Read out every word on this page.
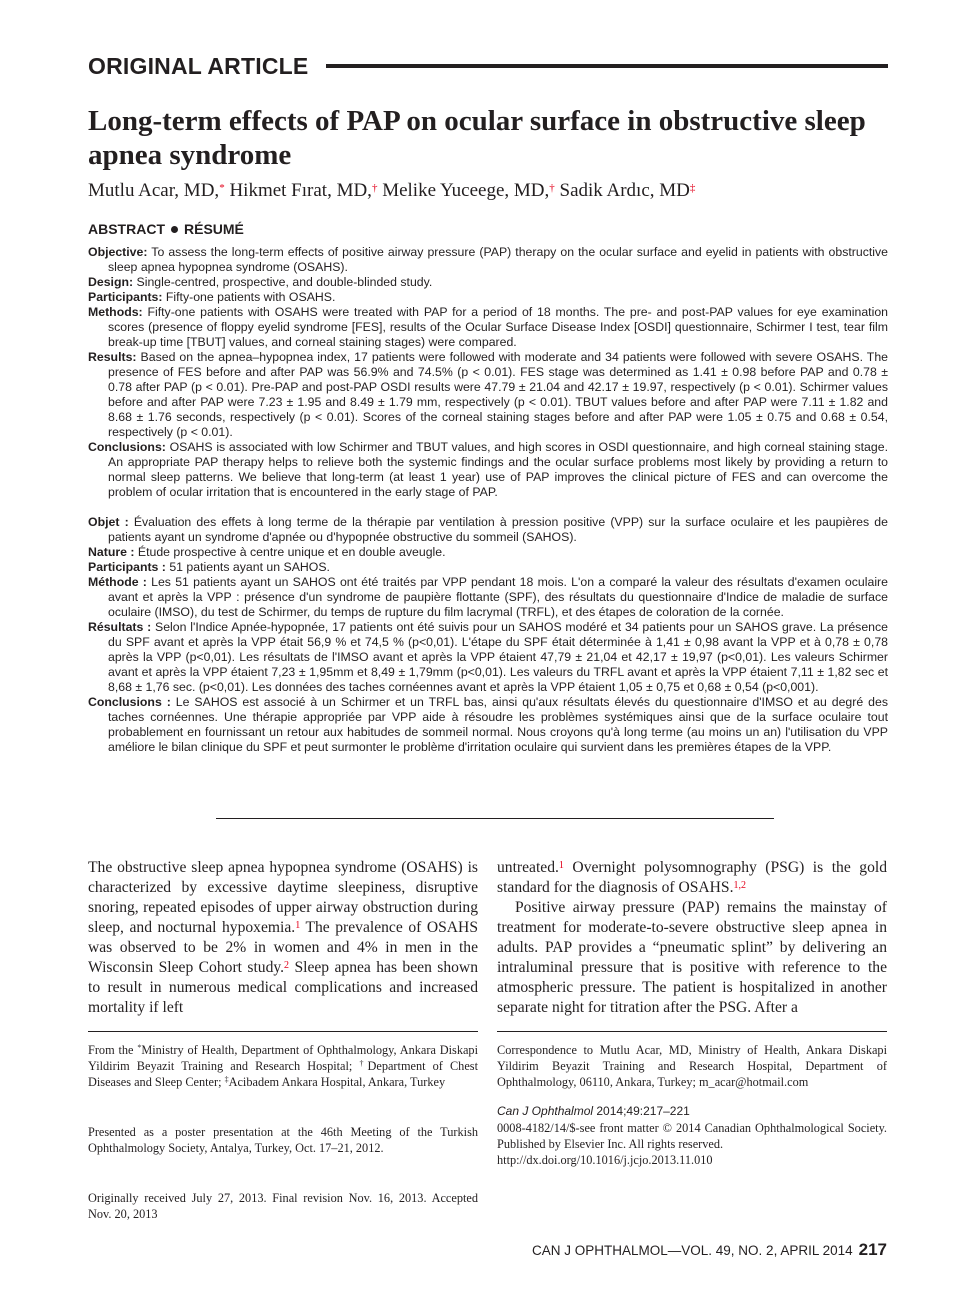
ORIGINAL ARTICLE
Long-term effects of PAP on ocular surface in obstructive sleep apnea syndrome
Mutlu Acar, MD,* Hikmet Fırat, MD,† Melike Yuceege, MD,† Sadik Ardıc, MD‡
ABSTRACT RÉSUMÉ

Objective: To assess the long-term effects of positive airway pressure (PAP) therapy on the ocular surface and eyelid in patients with obstructive sleep apnea hypopnea syndrome (OSAHS).

Design: Single-centred, prospective, and double-blinded study.

Participants: Fifty-one patients with OSAHS.

Methods: Fifty-one patients with OSAHS were treated with PAP for a period of 18 months. The pre- and post-PAP values for eye examination scores (presence of floppy eyelid syndrome [FES], results of the Ocular Surface Disease Index [OSDI] questionnaire, Schirmer I test, tear film break-up time [TBUT] values, and corneal staining stages) were compared.

Results: Based on the apnea–hypopnea index, 17 patients were followed with moderate and 34 patients were followed with severe OSAHS. The presence of FES before and after PAP was 56.9% and 74.5% (p < 0.01). FES stage was determined as 1.41 ± 0.98 before PAP and 0.78 ± 0.78 after PAP (p < 0.01). Pre-PAP and post-PAP OSDI results were 47.79 ± 21.04 and 42.17 ± 19.97, respectively (p < 0.01). Schirmer values before and after PAP were 7.23 ± 1.95 and 8.49 ± 1.79 mm, respectively (p < 0.01). TBUT values before and after PAP were 7.11 ± 1.82 and 8.68 ± 1.76 seconds, respectively (p < 0.01). Scores of the corneal staining stages before and after PAP were 1.05 ± 0.75 and 0.68 ± 0.54, respectively (p < 0.01).

Conclusions: OSAHS is associated with low Schirmer and TBUT values, and high scores in OSDI questionnaire, and high corneal staining stage. An appropriate PAP therapy helps to relieve both the systemic findings and the ocular surface problems most likely by providing a return to normal sleep patterns. We believe that long-term (at least 1 year) use of PAP improves the clinical picture of FES and can overcome the problem of ocular irritation that is encountered in the early stage of PAP.

Objet : Évaluation des effets à long terme de la thérapie par ventilation à pression positive (VPP) sur la surface oculaire et les paupières de patients ayant un syndrome d'apnée ou d'hypopnée obstructive du sommeil (SAHOS).

Nature : Étude prospective à centre unique et en double aveugle.

Participants : 51 patients ayant un SAHOS.

Méthode : Les 51 patients ayant un SAHOS ont été traités par VPP pendant 18 mois. L'on a comparé la valeur des résultats d'examen oculaire avant et après la VPP : présence d'un syndrome de paupière flottante (SPF), des résultats du questionnaire d'Indice de maladie de surface oculaire (IMSO), du test de Schirmer, du temps de rupture du film lacrymal (TRFL), et des étapes de coloration de la cornée.

Résultats : Selon l'Indice Apnée-hypopnée, 17 patients ont été suivis pour un SAHOS modéré et 34 patients pour un SAHOS grave. La présence du SPF avant et après la VPP était 56,9 % et 74,5 % (p<0,01). L'étape du SPF était déterminée à 1,41 ± 0,98 avant la VPP et à 0,78 ± 0,78 après la VPP (p<0,01). Les résultats de l'IMSO avant et après la VPP étaient 47,79 ± 21,04 et 42,17 ± 19,97 (p<0,01). Les valeurs Schirmer avant et après la VPP étaient 7,23 ± 1,95mm et 8,49 ± 1,79mm (p<0,01). Les valeurs du TRFL avant et après la VPP étaient 7,11 ± 1,82 sec et 8,68 ± 1,76 sec. (p<0,01). Les données des taches cornéennes avant et après la VPP étaient 1,05 ± 0,75 et 0,68 ± 0,54 (p<0,001).

Conclusions : Le SAHOS est associé à un Schirmer et un TRFL bas, ainsi qu'aux résultats élevés du questionnaire d'IMSO et au degré des taches cornéennes. Une thérapie appropriée par VPP aide à résoudre les problèmes systémiques ainsi que de la surface oculaire tout probablement en fournissant un retour aux habitudes de sommeil normal. Nous croyons qu'à long terme (au moins un an) l'utilisation du VPP améliore le bilan clinique du SPF et peut surmonter le problème d'irritation oculaire qui survient dans les premières étapes de la VPP.

The obstructive sleep apnea hypopnea syndrome (OSAHS) is characterized by excessive daytime sleepiness, disruptive snoring, repeated episodes of upper airway obstruction during sleep, and nocturnal hypoxemia.$^1$ The prevalence of OSAHS was observed to be 2% in women and 4% in men in the Wisconsin Sleep Cohort study.$^2$ Sleep apnea has been shown to result in numerous medical complications and increased mortality if left

untreated.$^1$ Overnight polysomnography (PSG) is the gold standard for the diagnosis of OSAHS.$^{1,2}$

Positive airway pressure (PAP) remains the mainstay of treatment for moderate-to-severe obstructive sleep apnea in adults. PAP provides a “pneumatic splint” by delivering an intraluminal pressure that is positive with reference to the atmospheric pressure. The patient is hospitalized in another separate night for titration after the PSG. After a

From the *Ministry of Health, Department of Ophthalmology, Ankara Diskapi Yildirim Beyazit Training and Research Hospital; †Department of Chest Diseases and Sleep Center; ‡Acibadem Ankara Hospital, Ankara, Turkey

Presented as a poster presentation at the 46th Meeting of the Turkish Ophthalmology Society, Antalya, Turkey, Oct. 17–21, 2012.

Originally received July 27, 2013. Final revision Nov. 16, 2013. Accepted Nov. 20, 2013

Correspondence to Mutlu Acar, MD, Ministry of Health, Ankara Diskapi Yildirim Beyazit Training and Research Hospital, Department of Ophthalmology, 06110, Ankara, Turkey; m_acar@hotmail.com

Can J Ophthalmol 2014;49:217–221

0008-4182/14/$-see front matter © 2014 Canadian Ophthalmological Society. Published by Elsevier Inc. All rights reserved.
http://dx.doi.org/10.1016/j.jcjo.2013.11.010

CAN J OPHTHALMOL—VOL. 49, NO. 2, APRIL 2014 217
